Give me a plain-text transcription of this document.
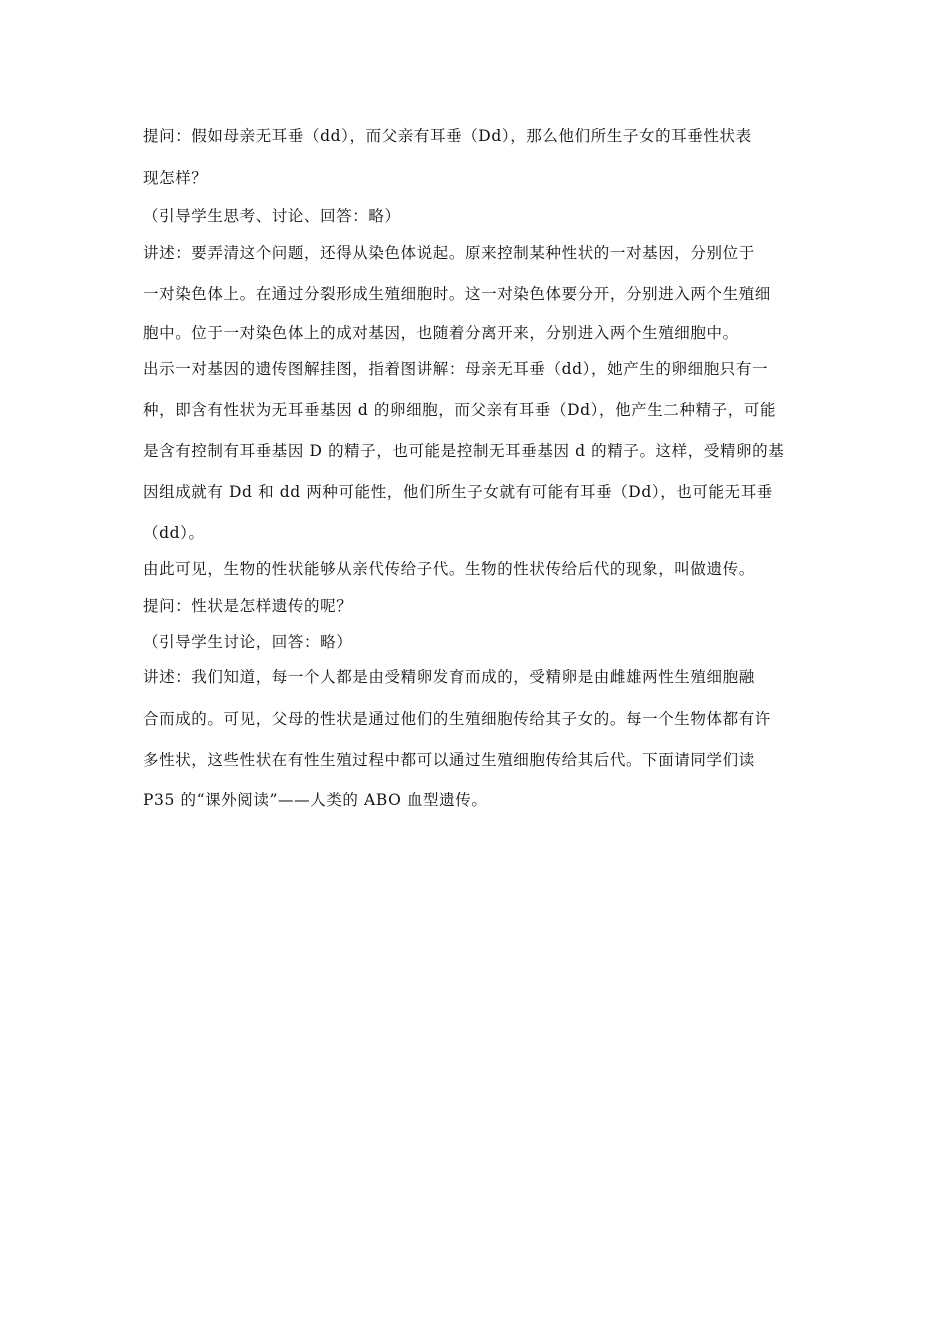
提问：假如母亲无耳垂（dd），而父亲有耳垂（Dd），那么他们所生子女的耳垂性状表
现怎样？
（引导学生思考、讨论、回答：略）
讲述：要弄清这个问题，还得从染色体说起。原来控制某种性状的一对基因，分别位于
一对染色体上。在通过分裂形成生殖细胞时。这一对染色体要分开，分别进入两个生殖细
胞中。位于一对染色体上的成对基因，也随着分离开来，分别进入两个生殖细胞中。
出示一对基因的遗传图解挂图，指着图讲解：母亲无耳垂（dd），她产生的卵细胞只有一
种，即含有性状为无耳垂基因 d 的卵细胞，而父亲有耳垂（Dd），他产生二种精子，可能
是含有控制有耳垂基因 D 的精子，也可能是控制无耳垂基因 d 的精子。这样，受精卵的基
因组成就有 Dd 和 dd 两种可能性，他们所生子女就有可能有耳垂（Dd），也可能无耳垂
（dd）。
由此可见，生物的性状能够从亲代传给子代。生物的性状传给后代的现象，叫做遗传。
提问：性状是怎样遗传的呢？
（引导学生讨论，回答：略）
讲述：我们知道，每一个人都是由受精卵发育而成的，受精卵是由雌雄两性生殖细胞融
合而成的。可见，父母的性状是通过他们的生殖细胞传给其子女的。每一个生物体都有许
多性状，这些性状在有性生殖过程中都可以通过生殖细胞传给其后代。下面请同学们读
P35 的“课外阅读”——人类的 ABO 血型遗传。
